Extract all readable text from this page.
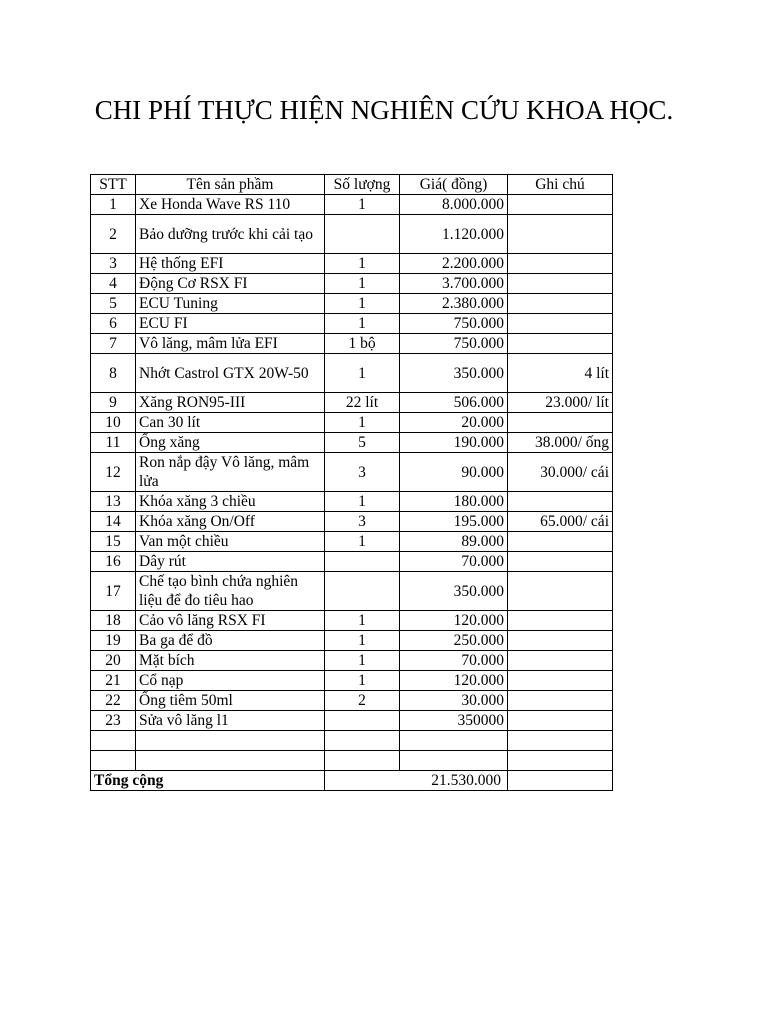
CHI PHÍ THỰC HIỆN NGHIÊN CỨU KHOA HỌC.
STT	Tên sản phầm	Số lượng	Giá( đồng)	Ghi chú
1	Xe Honda Wave RS 110	1	8.000.000	
2	Bảo dưỡng trước khi cải tạo		1.120.000	
3	Hệ thống EFI	1	2.200.000	
4	Động Cơ RSX FI	1	3.700.000	
5	ECU Tuning	1	2.380.000	
6	ECU FI	1	750.000	
7	Vô lăng, mâm lửa EFI	1 bộ	750.000	
8	Nhớt Castrol GTX 20W-50	1	350.000	4 lít
9	Xăng RON95-III	22 lít	506.000	23.000/ lít
10	Can 30 lít	1	20.000	
11	Ống xăng	5	190.000	38.000/ ống
12	Ron nắp đậy Vô lăng, mâm lửa	3	90.000	30.000/ cái
13	Khóa xăng 3 chiều	1	180.000	
14	Khóa xăng On/Off	3	195.000	65.000/ cái
15	Van một chiều	1	89.000	
16	Dây rút		70.000	
17	Chế tạo bình chứa nghiên liệu để đo tiêu hao		350.000	
18	Cảo vô lăng RSX FI	1	120.000	
19	Ba ga để đồ	1	250.000	
20	Mặt bích	1	70.000	
21	Cổ nạp	1	120.000	
22	Ống tiêm 50ml	2	30.000	
23	Sửa vô lăng l1		350000	

Tổng cộng		21.530.000		
